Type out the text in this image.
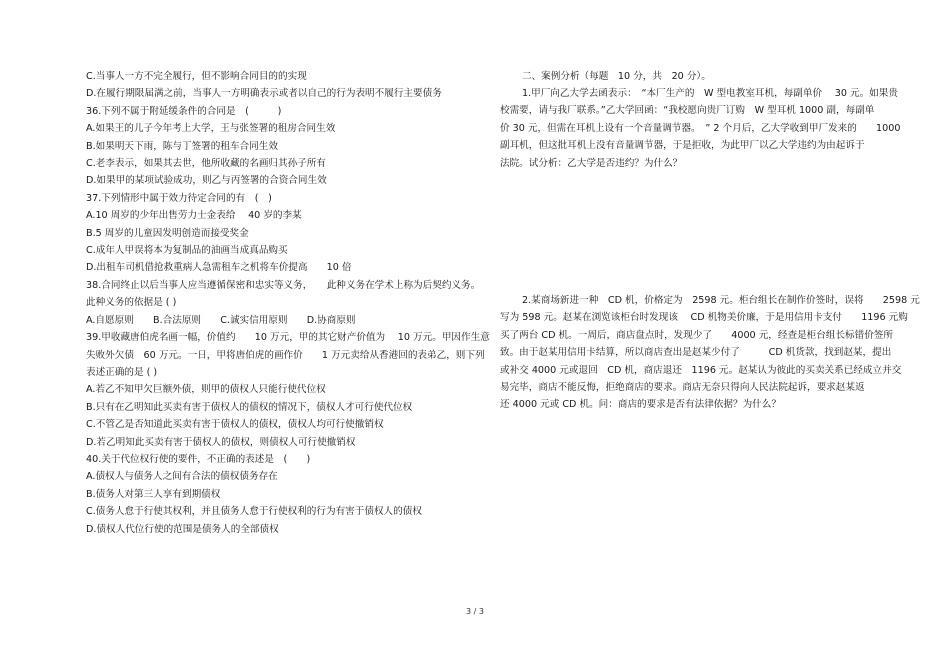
C.当事人一方不完全履行，但不影响合同目的的实现
D.在履行期限届满之前，当事人一方明确表示或者以自己的行为表明不履行主要债务
36.下列不属于附延缓条件的合同是　(　　　)
A.如果王的儿子今年考上大学，王与张签署的租房合同生效
B.如果明天下雨，陈与丁签署的租车合同生效
C.老李表示，如果其去世，他所收藏的名画归其孙子所有
D.如果甲的某项试验成功，则乙与丙签署的合资合同生效
37.下列情形中属于效力待定合同的有　(　)
A.10 周岁的少年出售劳力士金表给　 40 岁的李某
B.5 周岁的儿童因发明创造而接受奖金
C.成年人甲误将本为复制品的油画当成真品购买
D.出租车司机借抢救重病人急需租车之机将车价提高　　10 倍
38.合同终止以后当事人应当遵循保密和忠实等义务，　　此种义务在学术上称为后契约义务。
此种义务的依据是 ( )
A.自愿原则　　B.合法原则　　C.诚实信用原则　　D.协商原则
39.甲收藏唐伯虎名画一幅，价值约　　10 万元，甲的其它财产价值为　 10 万元。甲因作生意
失败外欠债　60 万元。一日，甲将唐伯虎的画作价　　1 万元卖给从香港回的表弟乙，则下列
表述正确的是 ( )
A.若乙不知甲欠巨额外债，则甲的债权人只能行使代位权
B.只有在乙明知此买卖有害于债权人的债权的情况下，债权人才可行使代位权
C.不管乙是否知道此买卖有害于债权人的债权，债权人均可行使撤销权
D.若乙明知此买卖有害于债权人的债权，则债权人可行使撤销权
40.关于代位权行使的要件，不正确的表述是　(　　)
A.债权人与债务人之间有合法的债权债务存在
B.债务人对第三人享有到期债权
C.债务人怠于行使其权利，并且债务人怠于行使权利的行为有害于债权人的债权
D.债权人代位行使的范围是债务人的全部债权
二、案例分析（每题　10 分，共　20 分）。
1.甲厂向乙大学去函表示：　“本厂生产的　W 型电教室耳机，每副单价　 30 元。如果贵
校需要，请与我厂联系。”乙大学回函：“我校愿向贵厂订购　W 型耳机 1000 副，每副单
价 30 元，但需在耳机上设有一个音量调节器。　” 2 个月后，乙大学收到甲厂发来的　　1000
副耳机，但这批耳机上没有音量调节器，于是拒收，为此甲厂以乙大学违约为由起诉于
法院。试分析：乙大学是否违约？为什么？
2.某商场新进一种　CD 机，价格定为　2598 元。柜台组长在制作价签时，误将　　2598 元
写为 598 元。赵某在浏览该柜台时发现该　 CD 机物美价廉，于是用信用卡支付　　1196 元购
买了两台 CD 机。一周后，商店盘点时，发现少了　　4000 元，经查是柜台组长标错价签所
致。由于赵某用信用卡结算，所以商店查出是赵某少付了　　　CD 机货款，找到赵某，提出
或补交 4000 元或退回　CD 机，商店退还　1196 元。赵某认为彼此的买卖关系已经成立并交
易完毕，商店不能反悔，拒绝商店的要求。商店无奈只得向人民法院起诉，要求赵某返
还 4000 元或 CD 机。问：商店的要求是否有法律依据？为什么？
3 / 3
